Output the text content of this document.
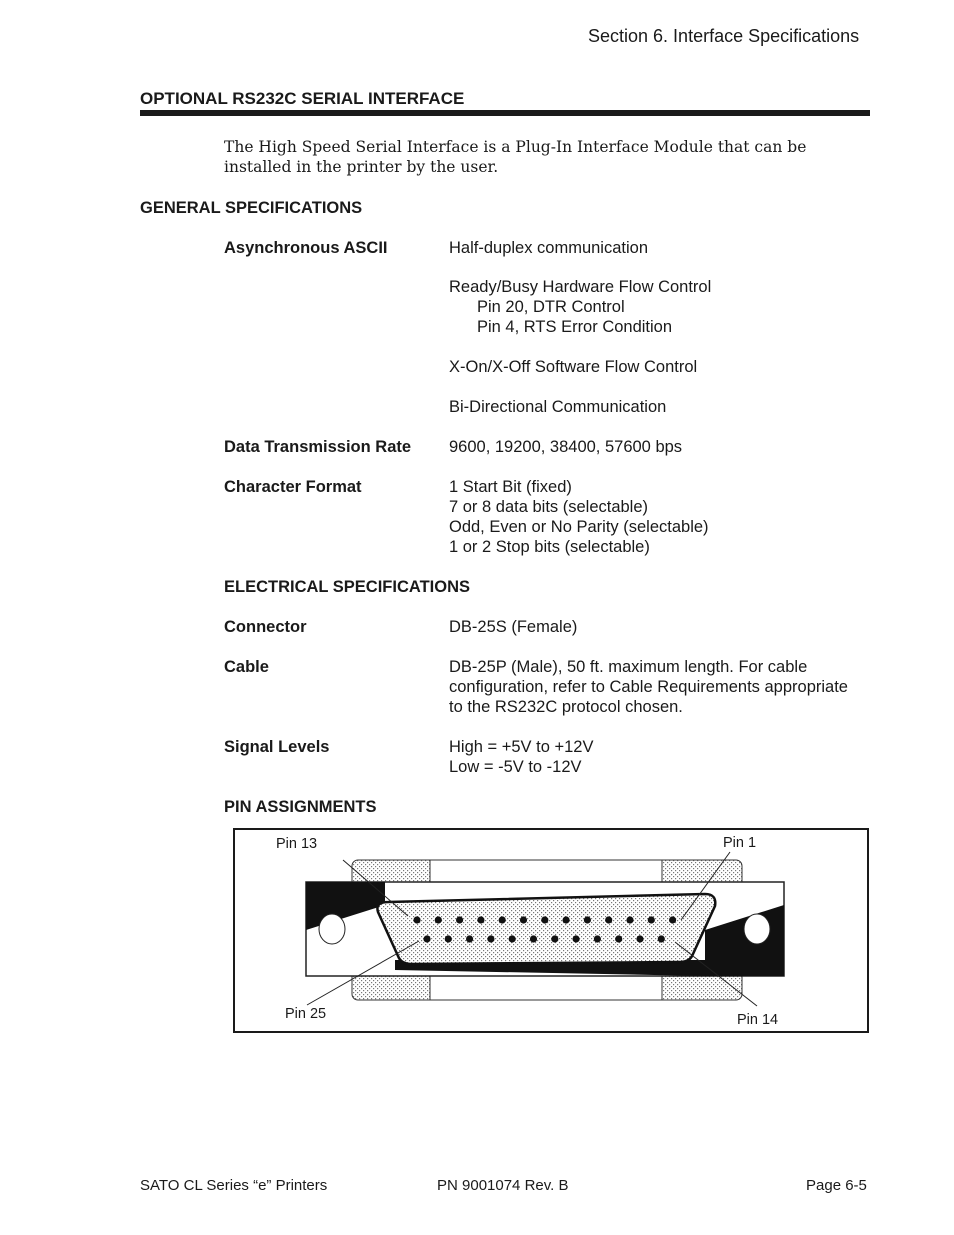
Section 6. Interface Specifications
OPTIONAL RS232C SERIAL INTERFACE
The High Speed Serial Interface is a Plug-In Interface Module that can be installed in the printer by the user.
GENERAL SPECIFICATIONS
Asynchronous ASCII	Half-duplex communication
Ready/Busy Hardware Flow Control
Pin 20, DTR Control
Pin 4, RTS Error Condition
X-On/X-Off Software Flow Control
Bi-Directional Communication
Data Transmission Rate 9600, 19200, 38400, 57600 bps
Character Format	1 Start Bit (fixed)
7 or 8 data bits (selectable)
Odd, Even or No Parity (selectable)
1 or 2 Stop bits (selectable)
ELECTRICAL SPECIFICATIONS
Connector	DB-25S (Female)
Cable	DB-25P (Male), 50 ft. maximum length. For cable
configuration, refer to Cable Requirements appropriate
to the RS232C protocol chosen.
Signal Levels	High = +5V to +12V
Low = -5V to -12V
PIN ASSIGNMENTS
Pin 13	Pin 1
Pin 25	Pin 14
SATO CL Series “e” Printers	PN 9001074 Rev. B	Page 6-5
